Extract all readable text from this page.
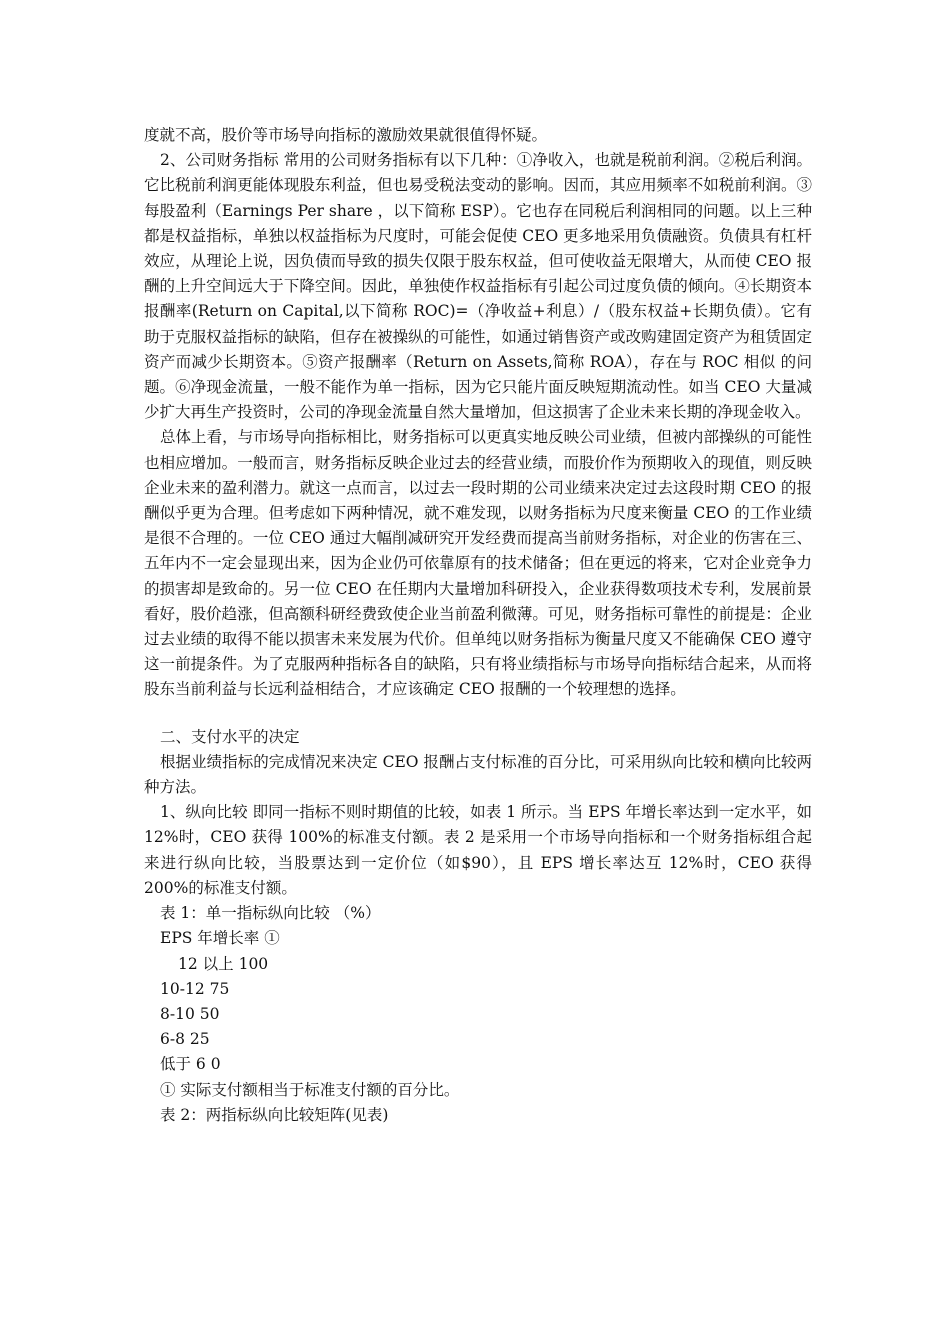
度就不高，股价等市场导向指标的激励效果就很值得怀疑。

2、公司财务指标 常用的公司财务指标有以下几种：①净收入，也就是税前利润。②税后利润。它比税前利润更能体现股东利益，但也易受税法变动的影响。因而，其应用频率不如税前利润。③每股盈利（Earnings Per share ，以下简称 ESP）。它也存在同税后利润相同的问题。以上三种都是权益指标，单独以权益指标为尺度时，可能会促使 CEO 更多地采用负债融资。负债具有杠杆效应，从理论上说，因负债而导致的损失仅限于股东权益，但可使收益无限增大，从而使 CEO 报酬的上升空间远大于下降空间。因此，单独使作权益指标有引起公司过度负债的倾向。④长期资本报酬率(Return on Capital,以下简称 ROC)=（净收益+利息）/（股东权益+长期负债）。它有助于克服权益指标的缺陷，但存在被操纵的可能性，如通过销售资产或改购建固定资产为租赁固定资产而减少长期资本。⑤资产报酬率（Return on Assets,简称 ROA），存在与 ROC 相似 的问题。⑥净现金流量，一般不能作为单一指标，因为它只能片面反映短期流动性。如当 CEO 大量减少扩大再生产投资时，公司的净现金流量自然大量增加，但这损害了企业未来长期的净现金收入。

总体上看，与市场导向指标相比，财务指标可以更真实地反映公司业绩，但被内部操纵的可能性也相应增加。一般而言，财务指标反映企业过去的经营业绩，而股价作为预期收入的现值，则反映企业未来的盈利潜力。就这一点而言，以过去一段时期的公司业绩来决定过去这段时期 CEO 的报酬似乎更为合理。但考虑如下两种情况，就不难发现，以财务指标为尺度来衡量 CEO 的工作业绩是很不合理的。一位 CEO 通过大幅削减研究开发经费而提高当前财务指标，对企业的伤害在三、五年内不一定会显现出来，因为企业仍可依靠原有的技术储备；但在更远的将来，它对企业竞争力的损害却是致命的。另一位 CEO 在任期内大量增加科研投入，企业获得数项技术专利，发展前景看好，股价趋涨，但高额科研经费致使企业当前盈利微薄。可见，财务指标可靠性的前提是：企业过去业绩的取得不能以损害未来发展为代价。但单纯以财务指标为衡量尺度又不能确保 CEO 遵守这一前提条件。为了克服两种指标各自的缺陷，只有将业绩指标与市场导向指标结合起来，从而将股东当前利益与长远利益相结合，才应该确定 CEO 报酬的一个较理想的选择。

二、支付水平的决定

根据业绩指标的完成情况来决定 CEO 报酬占支付标准的百分比，可采用纵向比较和横向比较两 种方法。

1、纵向比较 即同一指标不则时期值的比较，如表 1 所示。当 EPS 年增长率达到一定水平，如 12%时，CEO 获得 100%的标准支付额。表 2 是采用一个市场导向指标和一个财务指标组合起来进行纵向比较，当股票达到一定价位（如$90），且 EPS 增长率达互 12%时，CEO 获得 200%的标准支付额。

表 1：单一指标纵向比较 （%）

EPS 年增长率 ①

12 以上 100

10-12 75

8-10 50

6-8 25

低于 6 0

① 实际支付额相当于标准支付额的百分比。

表 2：两指标纵向比较矩阵(见表)
